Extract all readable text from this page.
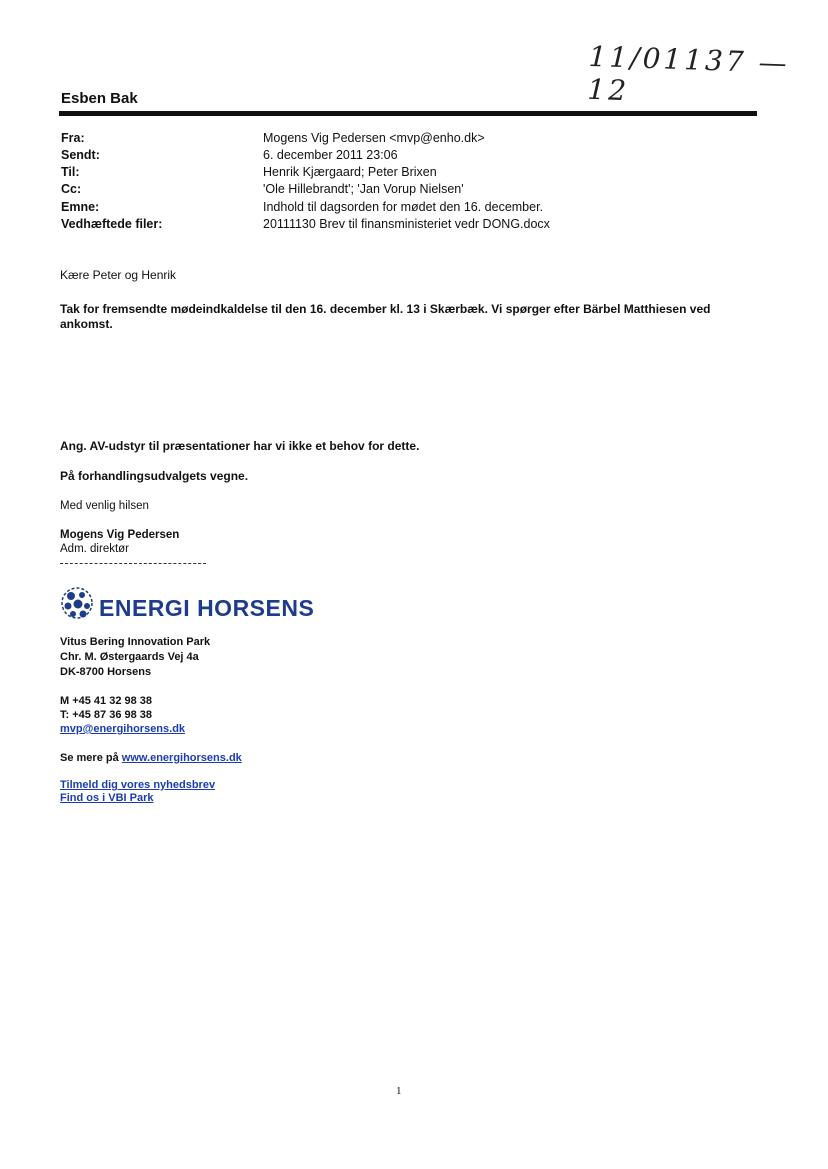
11/01137 — 12
Esben Bak
Fra:	Mogens Vig Pedersen <mvp@enho.dk>
Sendt:	6. december 2011 23:06
Til:	Henrik Kjærgaard; Peter Brixen
Cc:	'Ole Hillebrandt'; 'Jan Vorup Nielsen'
Emne:	Indhold til dagsorden for mødet den 16. december.
Vedhæftede filer:	20111130 Brev til finansministeriet vedr DONG.docx
Kære Peter og Henrik
Tak for fremsendte mødeindkaldelse til den 16. december kl. 13 i Skærbæk. Vi spørger efter Bärbel Matthiesen ved
ankomst.
Ang. AV-udstyr til præsentationer har vi ikke et behov for dette.
På forhandlingsudvalgets vegne.
Med venlig hilsen
Mogens Vig Pedersen
Adm. direktør
ENERGI HORSENS
Vitus Bering Innovation Park
Chr. M. Østergaards Vej 4a
DK-8700 Horsens
M +45 41 32 98 38
T: +45 87 36 98 38
mvp@energihorsens.dk
Se mere på www.energihorsens.dk
Tilmeld dig vores nyhedsbrev
Find os i VBI Park
1
